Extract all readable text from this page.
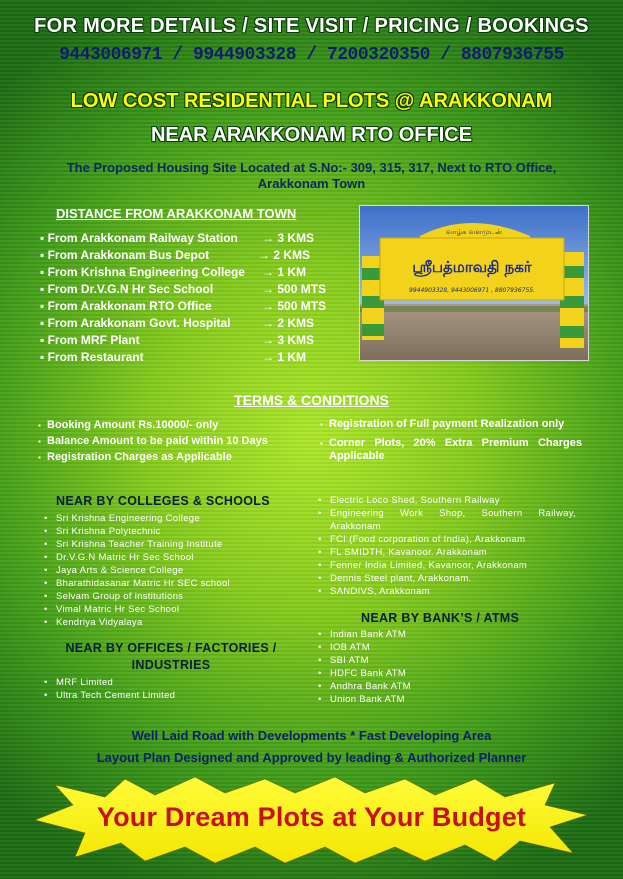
FOR MORE DETAILS / SITE VISIT / PRICING / BOOKINGS
9443006971 / 9944903328 / 7200320350 / 8807936755
LOW COST RESIDENTIAL PLOTS @ ARAKKONAM
NEAR ARAKKONAM RTO OFFICE
The Proposed Housing Site Located at S.No:- 309, 315, 317, Next to RTO Office,
Arakkonam Town
DISTANCE FROM ARAKKONAM TOWN
▪ From Arakkonam Railway Station → 3 KMS
▪ From Arakkonam Bus Depot	→ 2 KMS
▪ From Krishna Engineering College → 1 KM
▪ From Dr.V.G.N Hr Sec School	→ 500 MTS
▪ From Arakkonam RTO Office	→ 500 MTS
▪ From Arakkonam Govt. Hospital	→ 2 KMS
▪ From MRF Plant	→ 3 KMS
▪ From Restaurant	→ 1 KM
வாழ்க வளமுடன்
ஸ்ரீபத்மாவதி நகர்
9944903328, 9443006971 , 8807936755.
TERMS & CONDITIONS
▪ Booking Amount Rs.10000/- only
▪ Balance Amount to be paid within 10 Days
▪ Registration Charges as Applicable
▪ Registration of Full payment Realization only
▪ Corner Plots, 20% Extra Premium Charges Applicable
NEAR BY COLLEGES & SCHOOLS
• Sri Krishna Engineering College
• Sri Krishna Polytechnic
• Sri Krishna Teacher Training Institute
• Dr.V.G.N Matric Hr Sec School
• Jaya Arts & Science College
• Bharathidasanar Matric Hr SEC school
• Selvam Group of institutions
• Vimal Matric Hr Sec School
• Kendriya Vidyalaya
NEAR BY OFFICES / FACTORIES /
INDUSTRIES
• MRF Limited
• Ultra Tech Cement Limited
• Electric Loco Shed, Southern Railway
• Engineering Work Shop, Southern Railway, Arakkonam
• FCI (Food corporation of India), Arakkonam
• FL SMIDTH, Kavanoor. Arakkonam
• Fenner India Limited, Kavanoor, Arakkonam
• Dennis Steel plant, Arakkonam.
• SANDIVS, Arakkonam
NEAR BY BANK’S / ATMS
• Indian Bank ATM
• IOB ATM
• SBI ATM
• HDFC Bank ATM
• Andhra Bank ATM
• Union Bank ATM
Well Laid Road with Developments * Fast Developing Area
Layout Plan Designed and Approved by leading & Authorized Planner
Your Dream Plots at Your Budget
